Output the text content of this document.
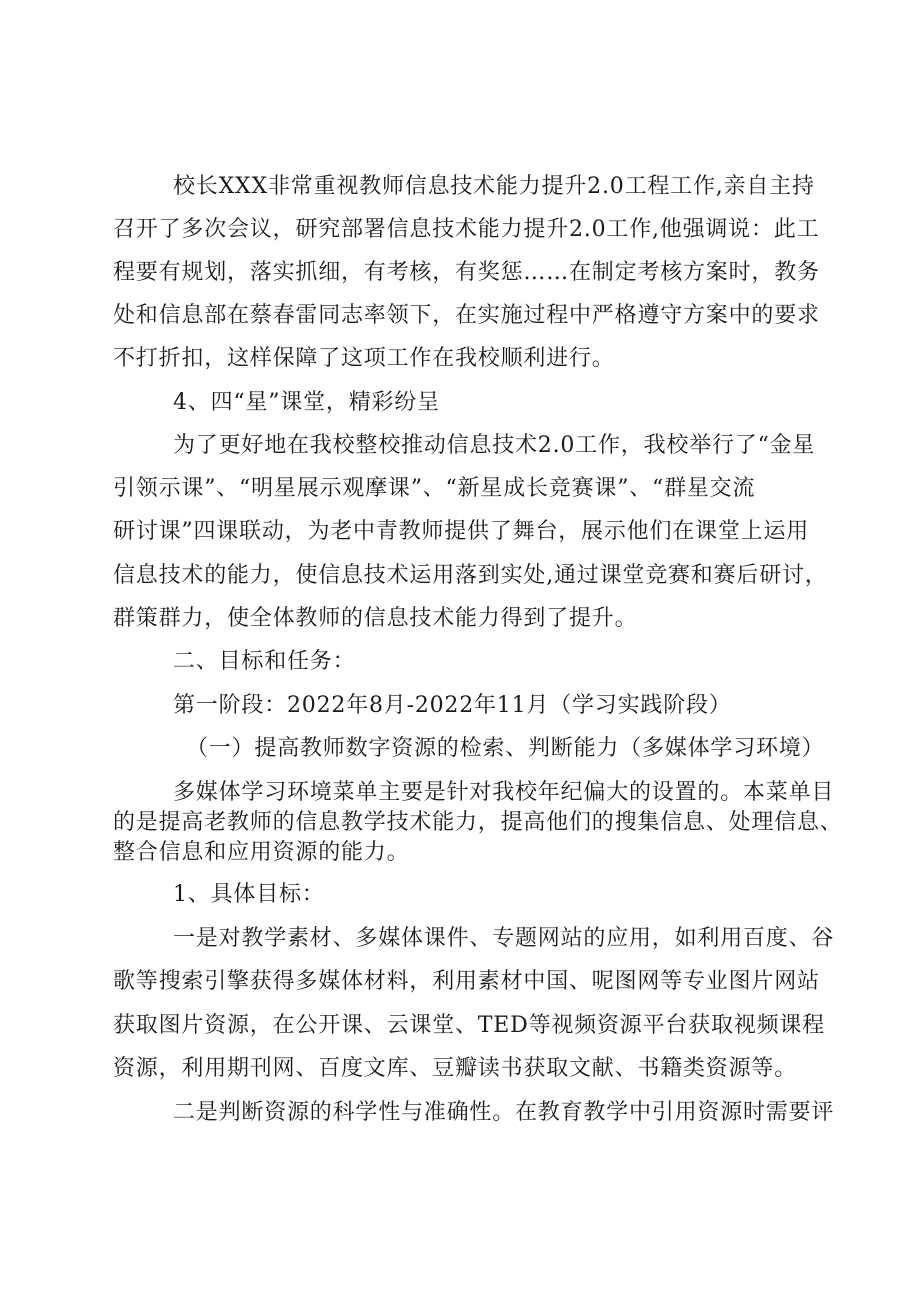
校长XXX非常重视教师信息技术能力提升2.0工程工作,亲自主持
召开了多次会议，研究部署信息技术能力提升2.0工作,他强调说：此工
程要有规划，落实抓细，有考核，有奖惩……在制定考核方案时，教务
处和信息部在蔡春雷同志率领下，在实施过程中严格遵守方案中的要求
不打折扣，这样保障了这项工作在我校顺利进行。
4、四“星”课堂，精彩纷呈
为了更好地在我校整校推动信息技术2.0工作，我校举行了“金星
引领示课”、“明星展示观摩课”、“新星成长竞赛课”、“群星交流
研讨课”四课联动，为老中青教师提供了舞台，展示他们在课堂上运用
信息技术的能力，使信息技术运用落到实处,通过课堂竞赛和赛后研讨，
群策群力，使全体教师的信息技术能力得到了提升。
二、目标和任务：
第一阶段：2022年8月-2022年11月（学习实践阶段）
（一）提高教师数字资源的检索、判断能力（多媒体学习环境）
多媒体学习环境菜单主要是针对我校年纪偏大的设置的。本菜单目
的是提高老教师的信息教学技术能力，提高他们的搜集信息、处理信息、
整合信息和应用资源的能力。
1、具体目标：
一是对教学素材、多媒体课件、专题网站的应用，如利用百度、谷
歌等搜索引擎获得多媒体材料，利用素材中国、呢图网等专业图片网站
获取图片资源，在公开课、云课堂、TED等视频资源平台获取视频课程
资源，利用期刊网、百度文库、豆瓣读书获取文献、书籍类资源等。
二是判断资源的科学性与准确性。在教育教学中引用资源时需要评
